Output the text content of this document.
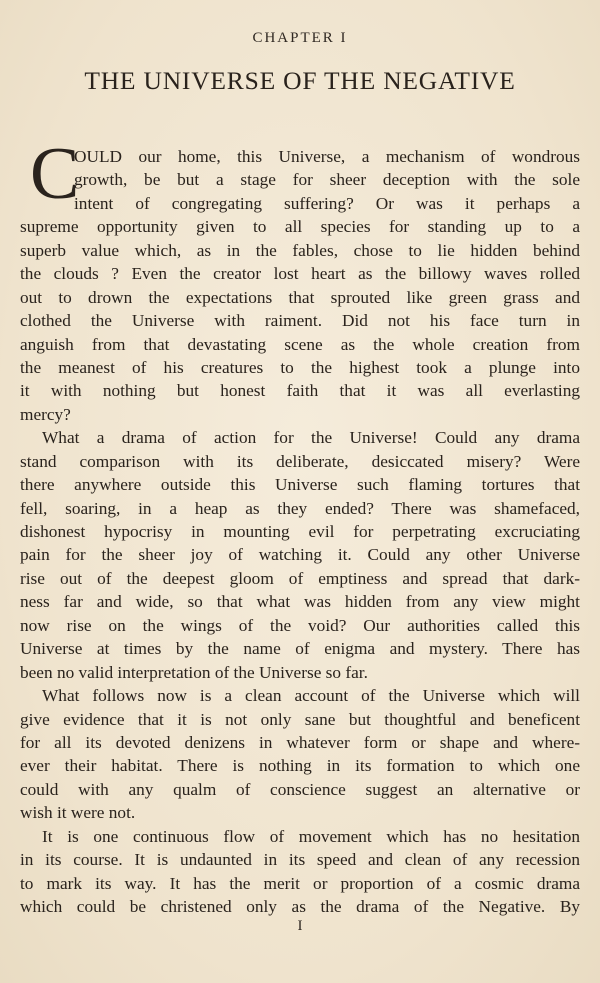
CHAPTER I
THE UNIVERSE OF THE NEGATIVE
C
OULD our home, this Universe, a mechanism of wondrous
growth, be but a stage for sheer deception with the sole
intent of congregating suffering? Or was it perhaps a
supreme opportunity given to all species for standing up to a
superb value which, as in the fables, chose to lie hidden behind
the clouds ? Even the creator lost heart as the billowy waves rolled
out to drown the expectations that sprouted like green grass and
clothed the Universe with raiment. Did not his face turn in
anguish from that devastating scene as the whole creation from
the meanest of his creatures to the highest took a plunge into
it with nothing but honest faith that it was all everlasting
mercy?
What a drama of action for the Universe! Could any drama
stand comparison with its deliberate, desiccated misery? Were
there anywhere outside this Universe such flaming tortures that
fell, soaring, in a heap as they ended? There was shamefaced,
dishonest hypocrisy in mounting evil for perpetrating excruciating
pain for the sheer joy of watching it. Could any other Universe
rise out of the deepest gloom of emptiness and spread that dark-
ness far and wide, so that what was hidden from any view might
now rise on the wings of the void? Our authorities called this
Universe at times by the name of enigma and mystery. There has
been no valid interpretation of the Universe so far.
What follows now is a clean account of the Universe which will
give evidence that it is not only sane but thoughtful and beneficent
for all its devoted denizens in whatever form or shape and where-
ever their habitat. There is nothing in its formation to which one
could with any qualm of conscience suggest an alternative or
wish it were not.
It is one continuous flow of movement which has no hesitation
in its course. It is undaunted in its speed and clean of any recession
to mark its way. It has the merit or proportion of a cosmic drama
which could be christened only as the drama of the Negative. By
I
